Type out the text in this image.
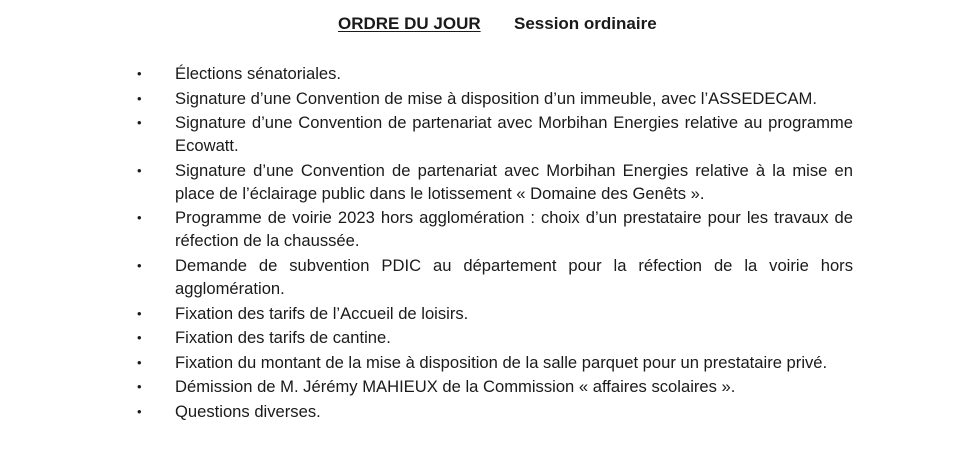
ORDRE DU JOUR Session ordinaire
•	Élections sénatoriales.
•	Signature d’une Convention de mise à disposition d’un immeuble, avec l’ASSEDECAM.
•	Signature d’une Convention de partenariat avec Morbihan Energies relative au programme Ecowatt.
•	Signature d’une Convention de partenariat avec Morbihan Energies relative à la mise en place de l’éclairage public dans le lotissement « Domaine des Genêts ».
•	Programme de voirie 2023 hors agglomération : choix d’un prestataire pour les travaux de réfection de la chaussée.
•	Demande de subvention PDIC au département pour la réfection de la voirie hors agglomération.
•	Fixation des tarifs de l’Accueil de loisirs.
•	Fixation des tarifs de cantine.
•	Fixation du montant de la mise à disposition de la salle parquet pour un prestataire privé.
•	Démission de M. Jérémy MAHIEUX de la Commission « affaires scolaires ».
•	Questions diverses.
